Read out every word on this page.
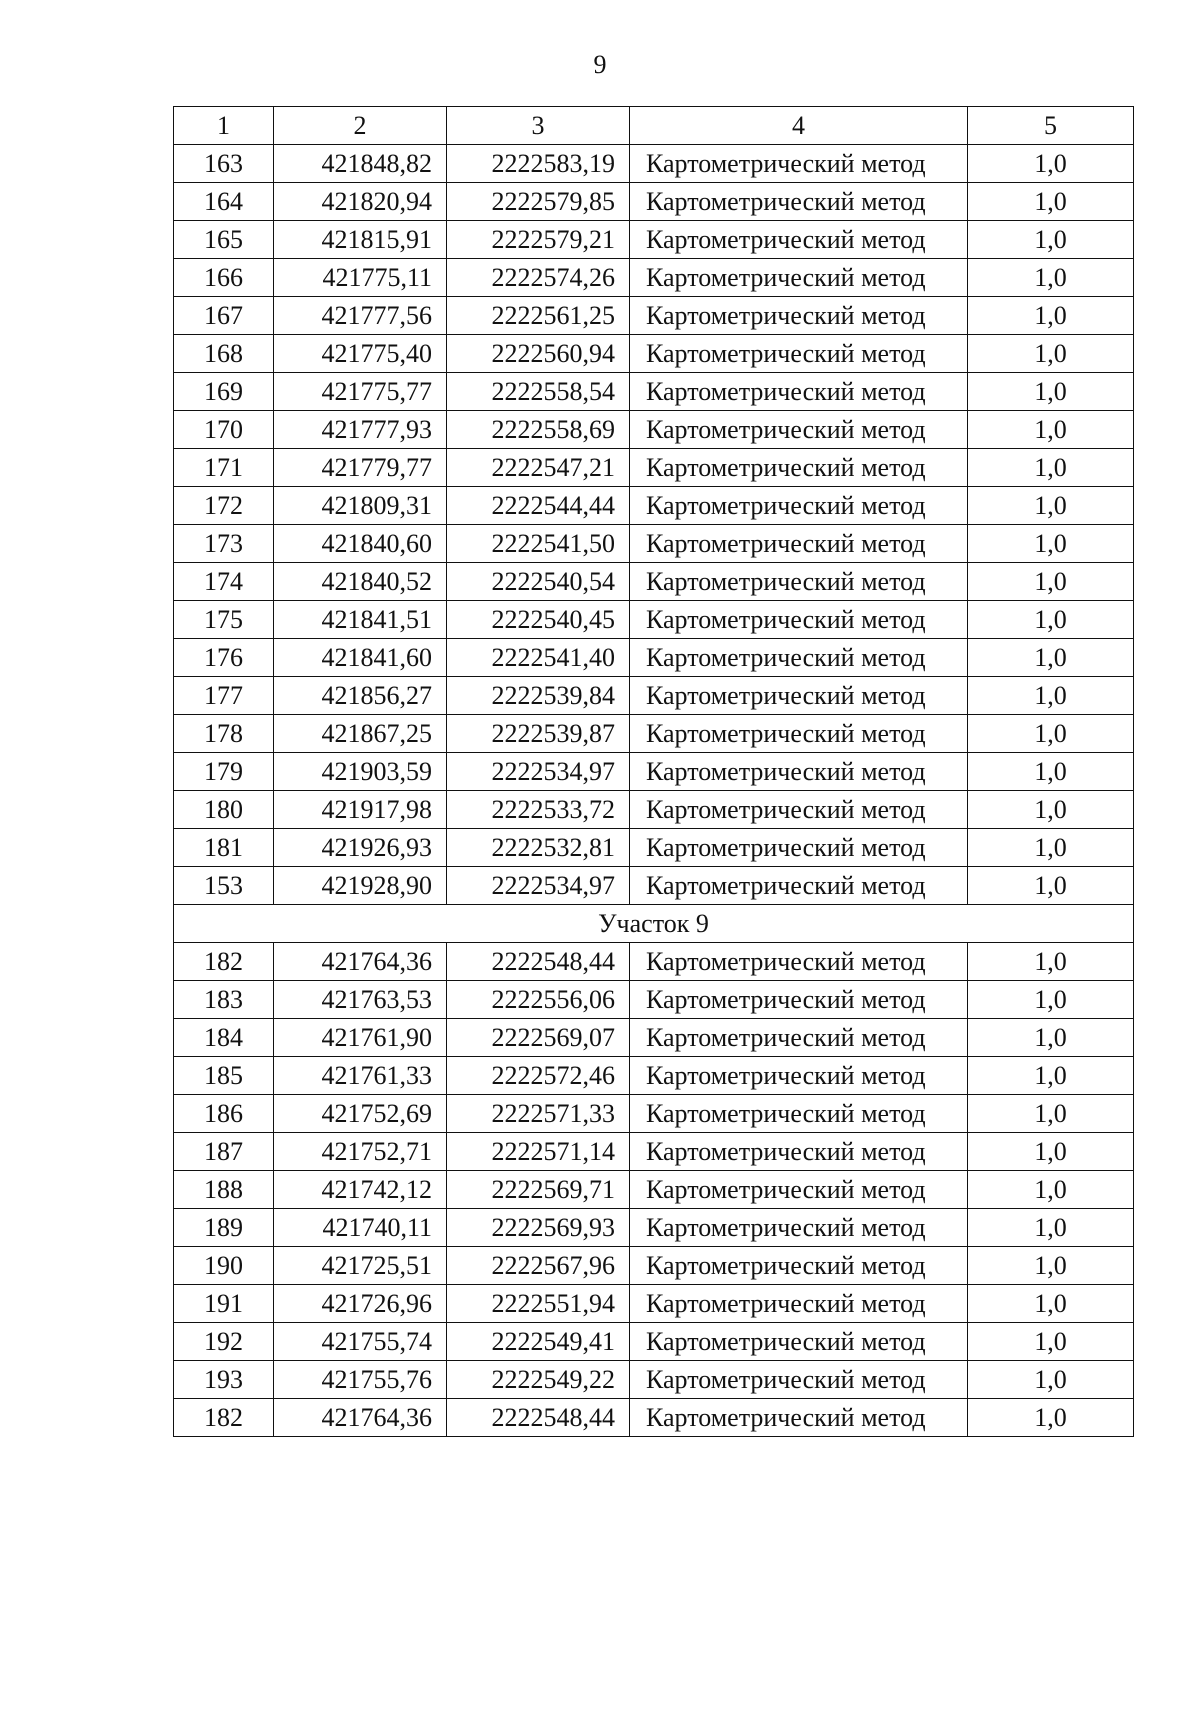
9
1	2	3	4	5
163	421848,82	2222583,19	Картометрический метод	1,0
164	421820,94	2222579,85	Картометрический метод	1,0
165	421815,91	2222579,21	Картометрический метод	1,0
166	421775,11	2222574,26	Картометрический метод	1,0
167	421777,56	2222561,25	Картометрический метод	1,0
168	421775,40	2222560,94	Картометрический метод	1,0
169	421775,77	2222558,54	Картометрический метод	1,0
170	421777,93	2222558,69	Картометрический метод	1,0
171	421779,77	2222547,21	Картометрический метод	1,0
172	421809,31	2222544,44	Картометрический метод	1,0
173	421840,60	2222541,50	Картометрический метод	1,0
174	421840,52	2222540,54	Картометрический метод	1,0
175	421841,51	2222540,45	Картометрический метод	1,0
176	421841,60	2222541,40	Картометрический метод	1,0
177	421856,27	2222539,84	Картометрический метод	1,0
178	421867,25	2222539,87	Картометрический метод	1,0
179	421903,59	2222534,97	Картометрический метод	1,0
180	421917,98	2222533,72	Картометрический метод	1,0
181	421926,93	2222532,81	Картометрический метод	1,0
153	421928,90	2222534,97	Картометрический метод	1,0
Участок 9				
182	421764,36	2222548,44	Картометрический метод	1,0
183	421763,53	2222556,06	Картометрический метод	1,0
184	421761,90	2222569,07	Картометрический метод	1,0
185	421761,33	2222572,46	Картометрический метод	1,0
186	421752,69	2222571,33	Картометрический метод	1,0
187	421752,71	2222571,14	Картометрический метод	1,0
188	421742,12	2222569,71	Картометрический метод	1,0
189	421740,11	2222569,93	Картометрический метод	1,0
190	421725,51	2222567,96	Картометрический метод	1,0
191	421726,96	2222551,94	Картометрический метод	1,0
192	421755,74	2222549,41	Картометрический метод	1,0
193	421755,76	2222549,22	Картометрический метод	1,0
182	421764,36	2222548,44	Картометрический метод	1,0
